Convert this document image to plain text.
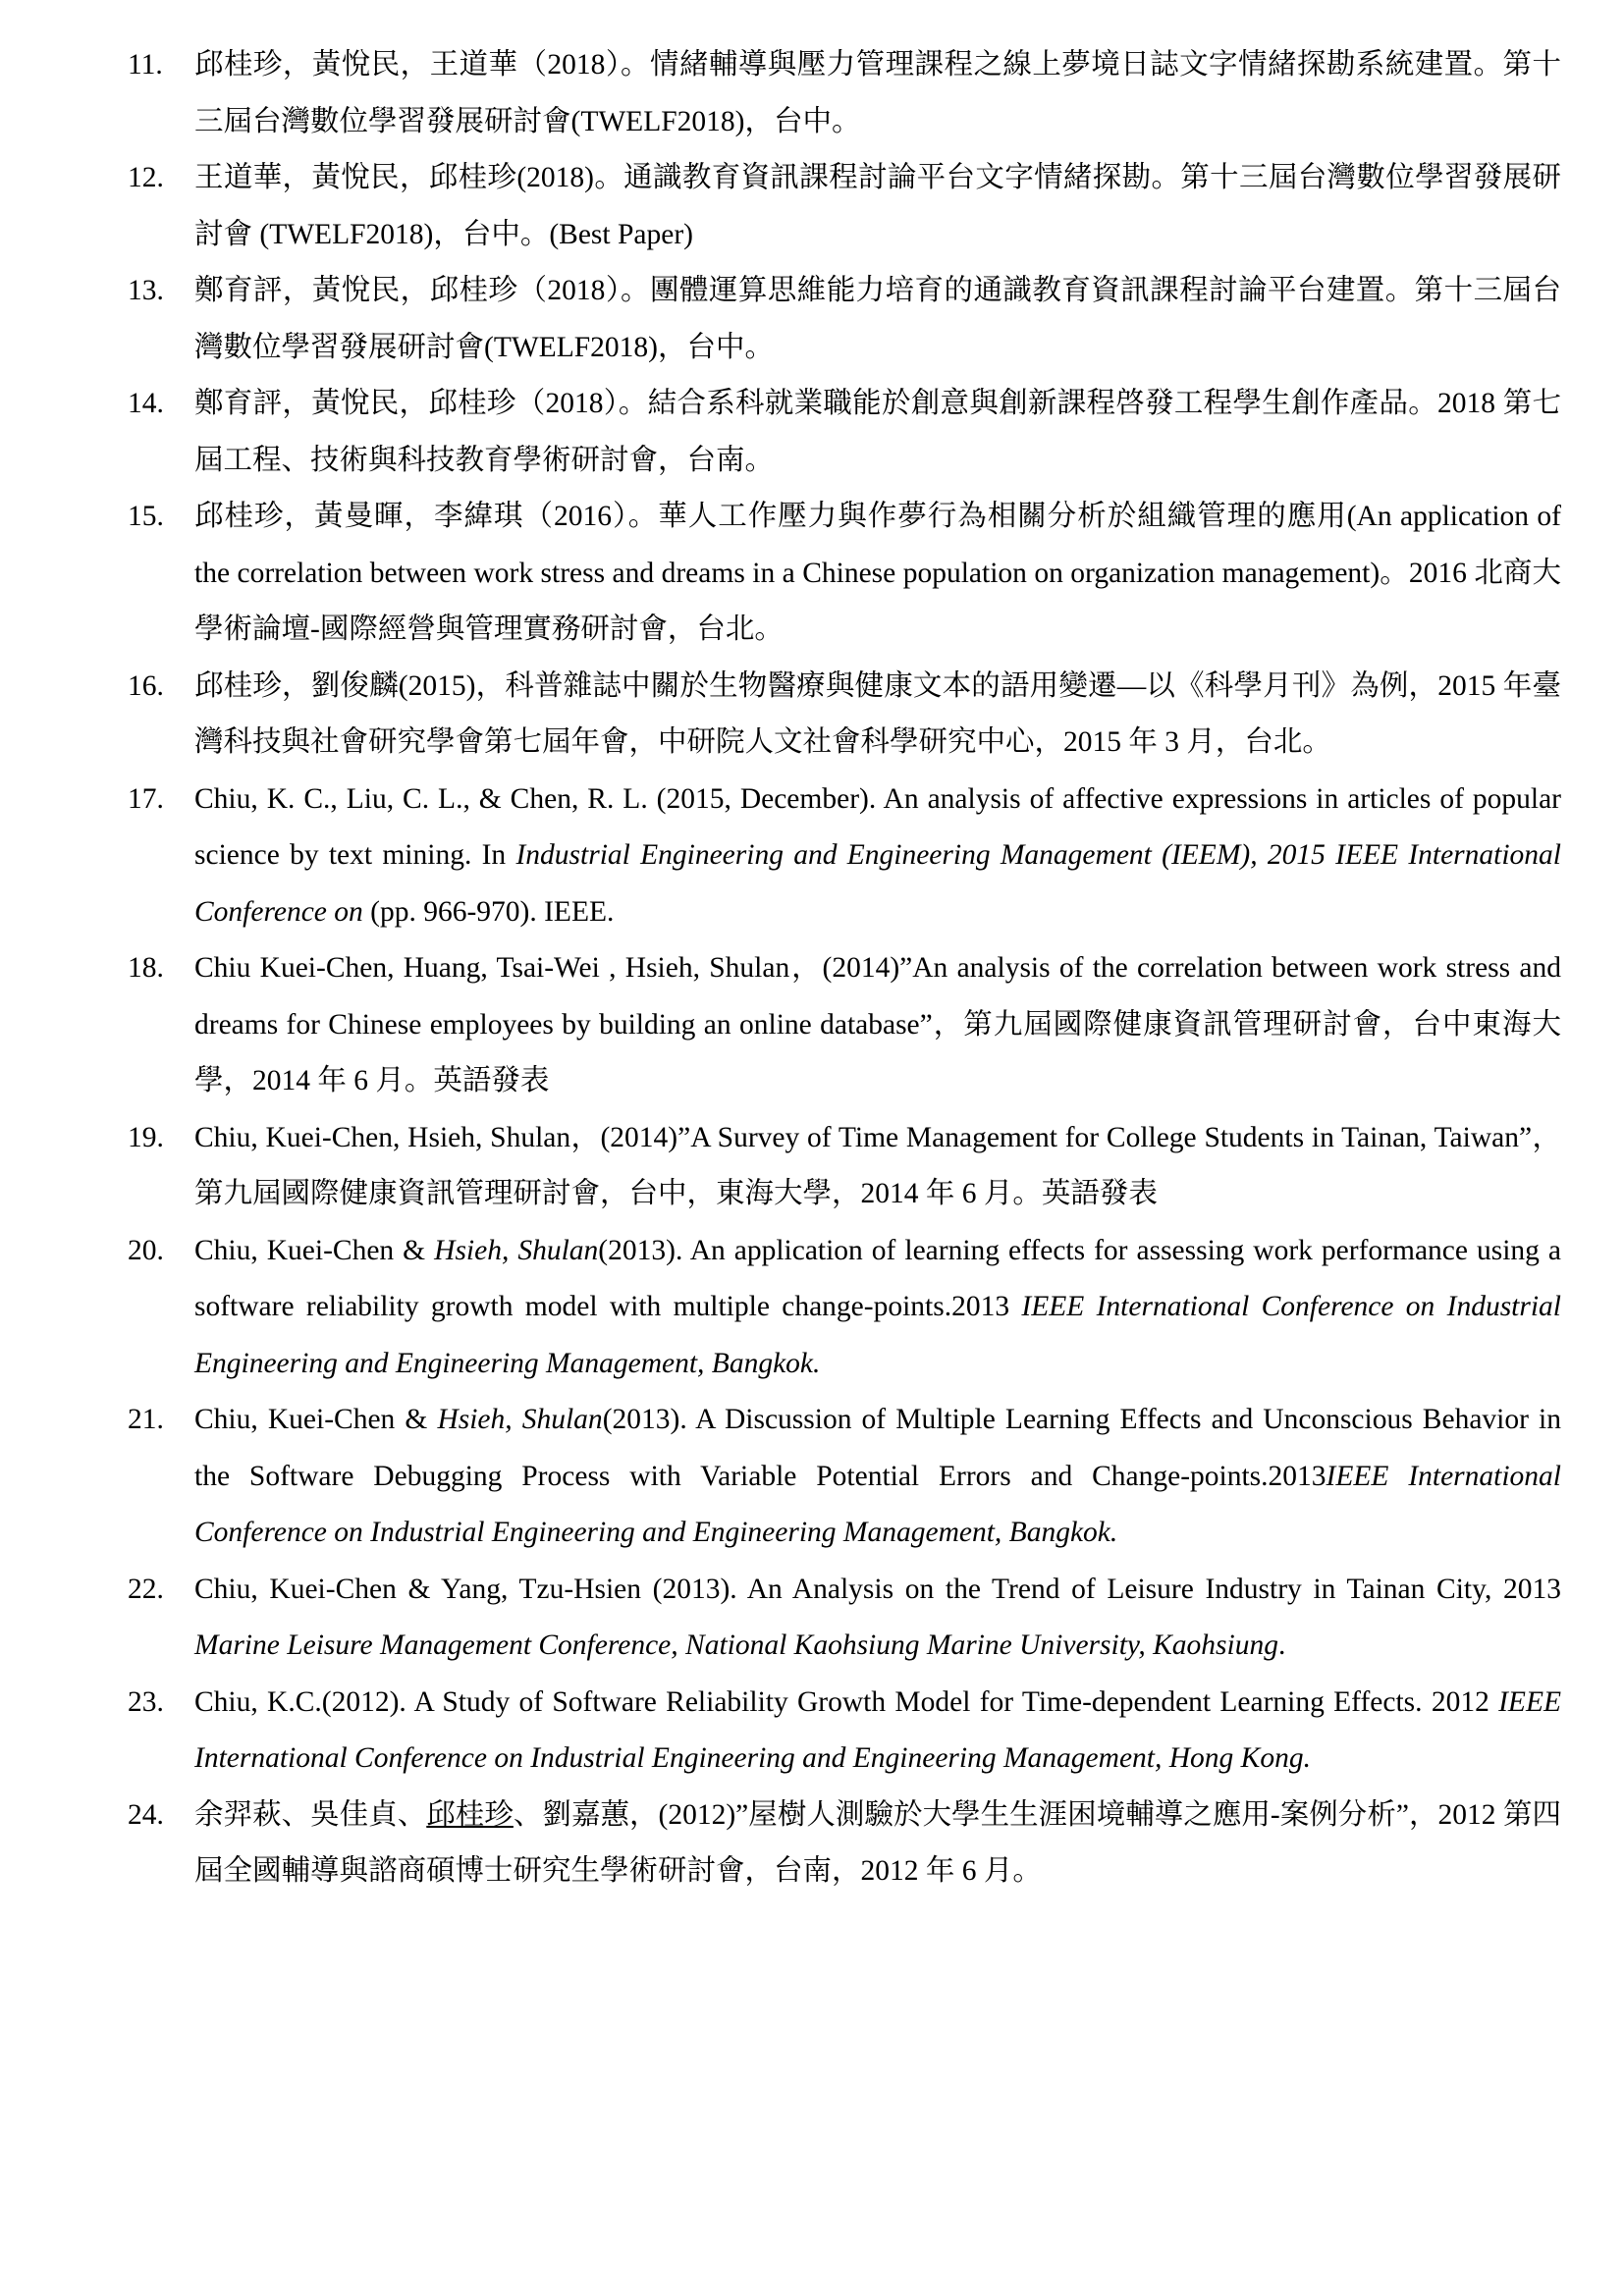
11.	邱桂珍，黃悅民，王道華（2018）。情緒輔導與壓力管理課程之線上夢境日誌文字情緒探勘系統建置。第十三屆台灣數位學習發展研討會(TWELF2018)，台中。
12.	王道華，黃悅民，邱桂珍(2018)。通識教育資訊課程討論平台文字情緒探勘。第十三屆台灣數位學習發展研討會 (TWELF2018)，台中。(Best Paper)
13.	鄭育評，黃悅民，邱桂珍（2018）。團體運算思維能力培育的通識教育資訊課程討論平台建置。第十三屆台灣數位學習發展研討會(TWELF2018)，台中。
14.	鄭育評，黃悅民，邱桂珍（2018）。結合系科就業職能於創意與創新課程啓發工程學生創作產品。2018 第七屆工程、技術與科技教育學術研討會，台南。
15.	邱桂珍，黃曼暉，李緯琪（2016）。華人工作壓力與作夢行為相關分析於組織管理的應用(An application of the correlation between work stress and dreams in a Chinese population on organization management)。2016 北商大學術論壇-國際經營與管理實務研討會，台北。
16.	邱桂珍，劉俊麟(2015)，科普雜誌中關於生物醫療與健康文本的語用變遷—以《科學月刊》為例，2015 年臺灣科技與社會研究學會第七屆年會，中研院人文社會科學研究中心，2015 年 3 月，台北。
17.	Chiu, K. C., Liu, C. L., & Chen, R. L. (2015, December). An analysis of affective expressions in articles of popular science by text mining. In Industrial Engineering and Engineering Management (IEEM), 2015 IEEE International Conference on (pp. 966-970). IEEE.
18.	Chiu Kuei-Chen, Huang, Tsai-Wei , Hsieh, Shulan，(2014)”An analysis of the correlation between work stress and dreams for Chinese employees by building an online database”，第九屆國際健康資訊管理研討會，台中東海大學，2014 年 6 月。英語發表
19.	Chiu, Kuei-Chen, Hsieh, Shulan，(2014)”A Survey of Time Management for College Students in Tainan, Taiwan”，第九屆國際健康資訊管理研討會，台中，東海大學，2014 年 6 月。英語發表
20.	Chiu, Kuei-Chen & Hsieh, Shulan(2013). An application of learning effects for assessing work performance using a software reliability growth model with multiple change-points.2013 IEEE International Conference on Industrial Engineering and Engineering Management, Bangkok.
21.	Chiu, Kuei-Chen & Hsieh, Shulan(2013). A Discussion of Multiple Learning Effects and Unconscious Behavior in the Software Debugging Process with Variable Potential Errors and Change-points.2013IEEE International Conference on Industrial Engineering and Engineering Management, Bangkok.
22.	Chiu, Kuei-Chen & Yang, Tzu-Hsien (2013). An Analysis on the Trend of Leisure Industry in Tainan City, 2013 Marine Leisure Management Conference, National Kaohsiung Marine University, Kaohsiung.
23.	Chiu, K.C.(2012). A Study of Software Reliability Growth Model for Time-dependent Learning Effects. 2012 IEEE International Conference on Industrial Engineering and Engineering Management, Hong Kong.
24.	余羿萩、吳佳貞、邱桂珍、劉嘉蕙，(2012)”屋樹人測驗於大學生生涯困境輔導之應用-案例分析”，2012 第四屆全國輔導與諮商碩博士研究生學術研討會，台南，2012 年 6 月。
